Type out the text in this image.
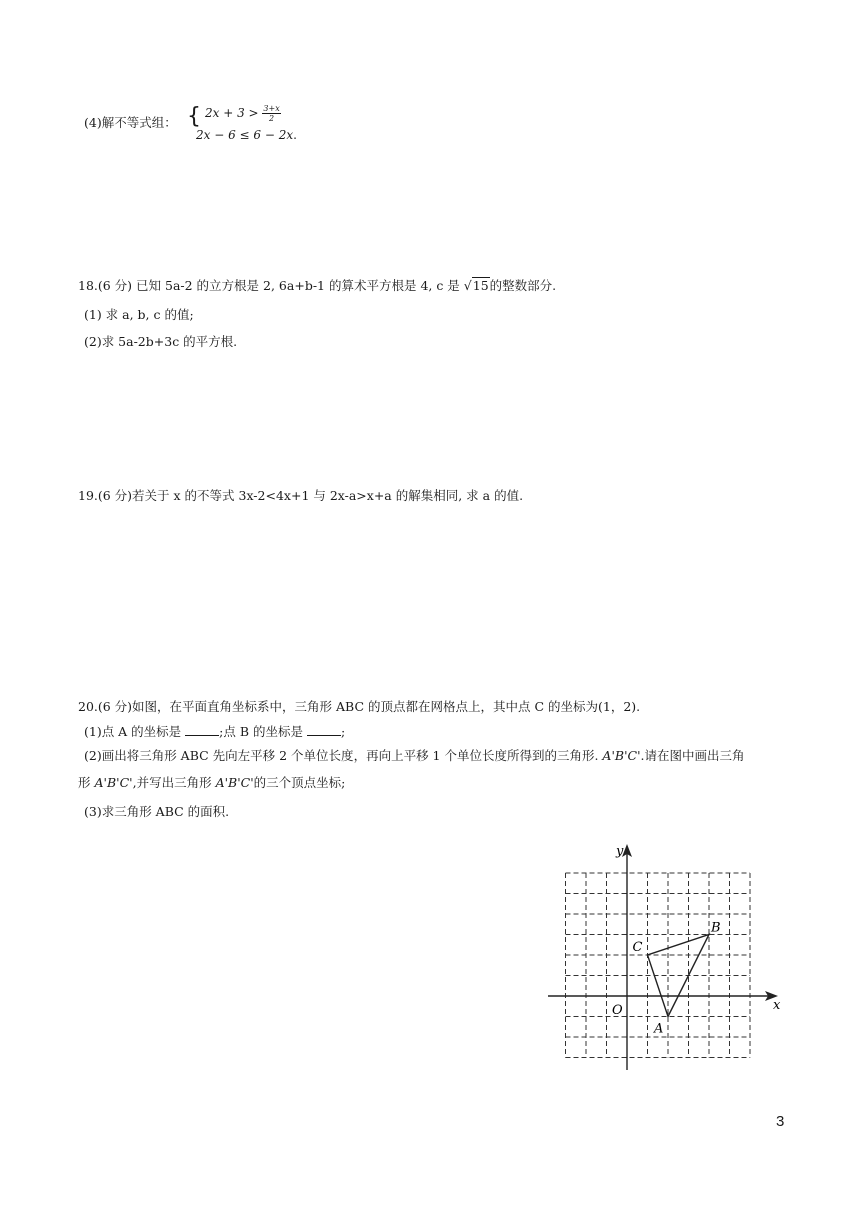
(4)解不等式组： { $2x + 3 > \frac{3+x}{2}$
2x − 6 ≤ 6 − 2x.
18.(6 分) 已知 5a-2 的立方根是 2, 6a+b-1 的算术平方根是 4, c 是 √15的整数部分.
(1) 求 a, b, c 的值;
(2)求 5a-2b+3c 的平方根.
19.(6 分)若关于 x 的不等式 3x-2<4x+1 与 2x-a>x+a 的解集相同, 求 a 的值.
20.(6 分)如图，在平面直角坐标系中，三角形 ABC 的顶点都在网格点上，其中点 C 的坐标为(1，2).
(1)点 A 的坐标是	;点 B 的坐标是	;
(2)画出将三角形 ABC 先向左平移 2 个单位长度，再向上平移 1 个单位长度所得到的三角形. A'B'C'.请在图中画出三角
形 A'B'C',并写出三角形 A'B'C'的三个顶点坐标;
(3)求三角形 ABC 的面积.
x
y
O
A
B
C
3
